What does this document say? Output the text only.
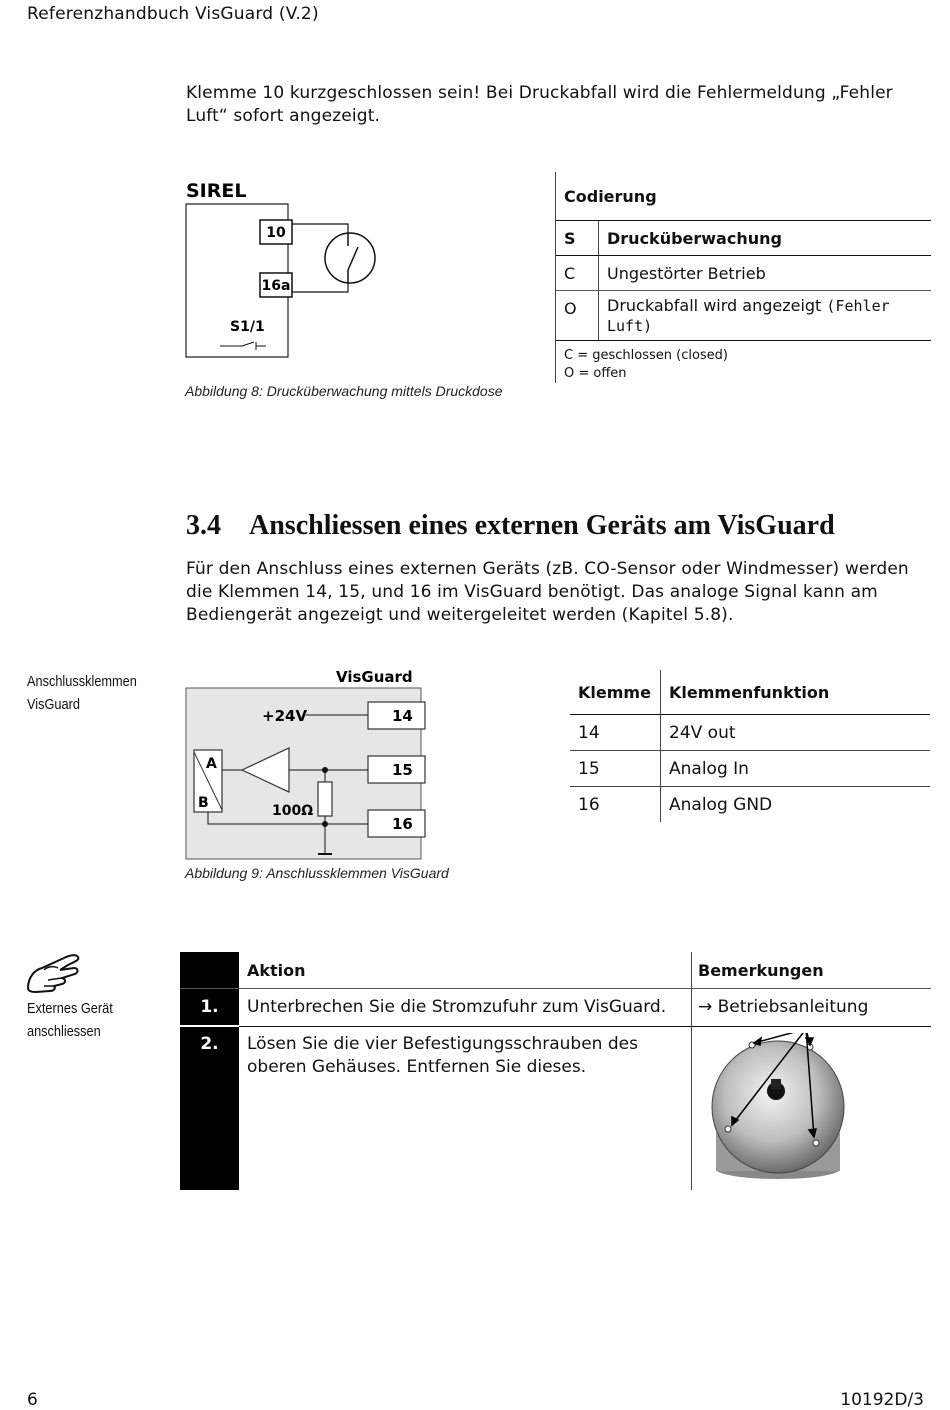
Referenzhandbuch VisGuard (V.2)
Klemme 10 kurzgeschlossen sein! Bei Druckabfall wird die Fehlermeldung „Fehler Luft“ sofort angezeigt.
SIREL
10
16a
S1/1
Abbildung 8: Drucküberwachung mittels Druckdose
Codierung	
S	Drucküberwachung
C	Ungestörter Betrieb
O	Druckabfall wird angezeigt (Fehler Luft)

C = geschlossen (closed)
O = offen	
3.4 Anschliessen eines externen Geräts am VisGuard
Für den Anschluss eines externen Geräts (zB. CO-Sensor oder Windmesser) werden die Klemmen 14, 15, und 16 im VisGuard benötigt. Das analoge Signal kann am Bediengerät angezeigt und weitergeleitet werden (Kapitel 5.8).
Anschlussklemmen
VisGuard
VisGuard
+24V	14
15
16
A
B	100Ω
Abbildung 9: Anschlussklemmen VisGuard
Klemme	Klemmenfunktion
14	24V out
15	Analog In
16	Analog GND
Externes Gerät
anschliessen
	Aktion	Bemerkungen
1.	Unterbrechen Sie die Stromzufuhr zum VisGuard.	→ Betriebsanleitung
2.	Lösen Sie die vier Befestigungsschrauben des oberen Gehäuses. Entfernen Sie dieses.	
6	10192D/3
